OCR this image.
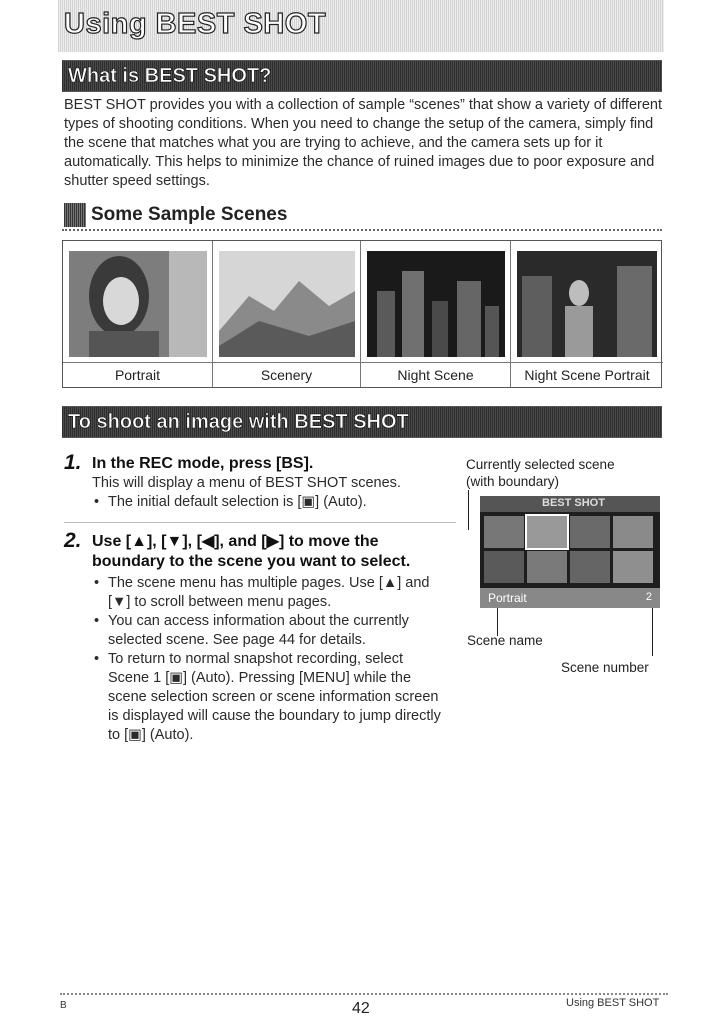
Using BEST SHOT
What is BEST SHOT?
BEST SHOT provides you with a collection of sample “scenes” that show a variety of different types of shooting conditions. When you need to change the setup of the camera, simply find the scene that matches what you are trying to achieve, and the camera sets up for it automatically. This helps to minimize the chance of ruined images due to poor exposure and shutter speed settings.
Some Sample Scenes
Portrait	Scenery	Night Scene	Night Scene Portrait
To shoot an image with BEST SHOT
1. In the REC mode, press [BS].
This will display a menu of BEST SHOT scenes.
• The initial default selection is [▣] (Auto).
2. Use [▲], [▼], [◀], and [▶] to move the
boundary to the scene you want to select.
• The scene menu has multiple pages. Use [▲] and [▼] to scroll between menu pages.
• You can access information about the currently selected scene. See page 44 for details.
• To return to normal snapshot recording, select Scene 1 [▣] (Auto). Pressing [MENU] while the scene selection screen or scene information screen is displayed will cause the boundary to jump directly to [▣] (Auto).
Currently selected scene
(with boundary)
BEST SHOT
Portrait	2
Scene name
Scene number
B	42	Using BEST SHOT
